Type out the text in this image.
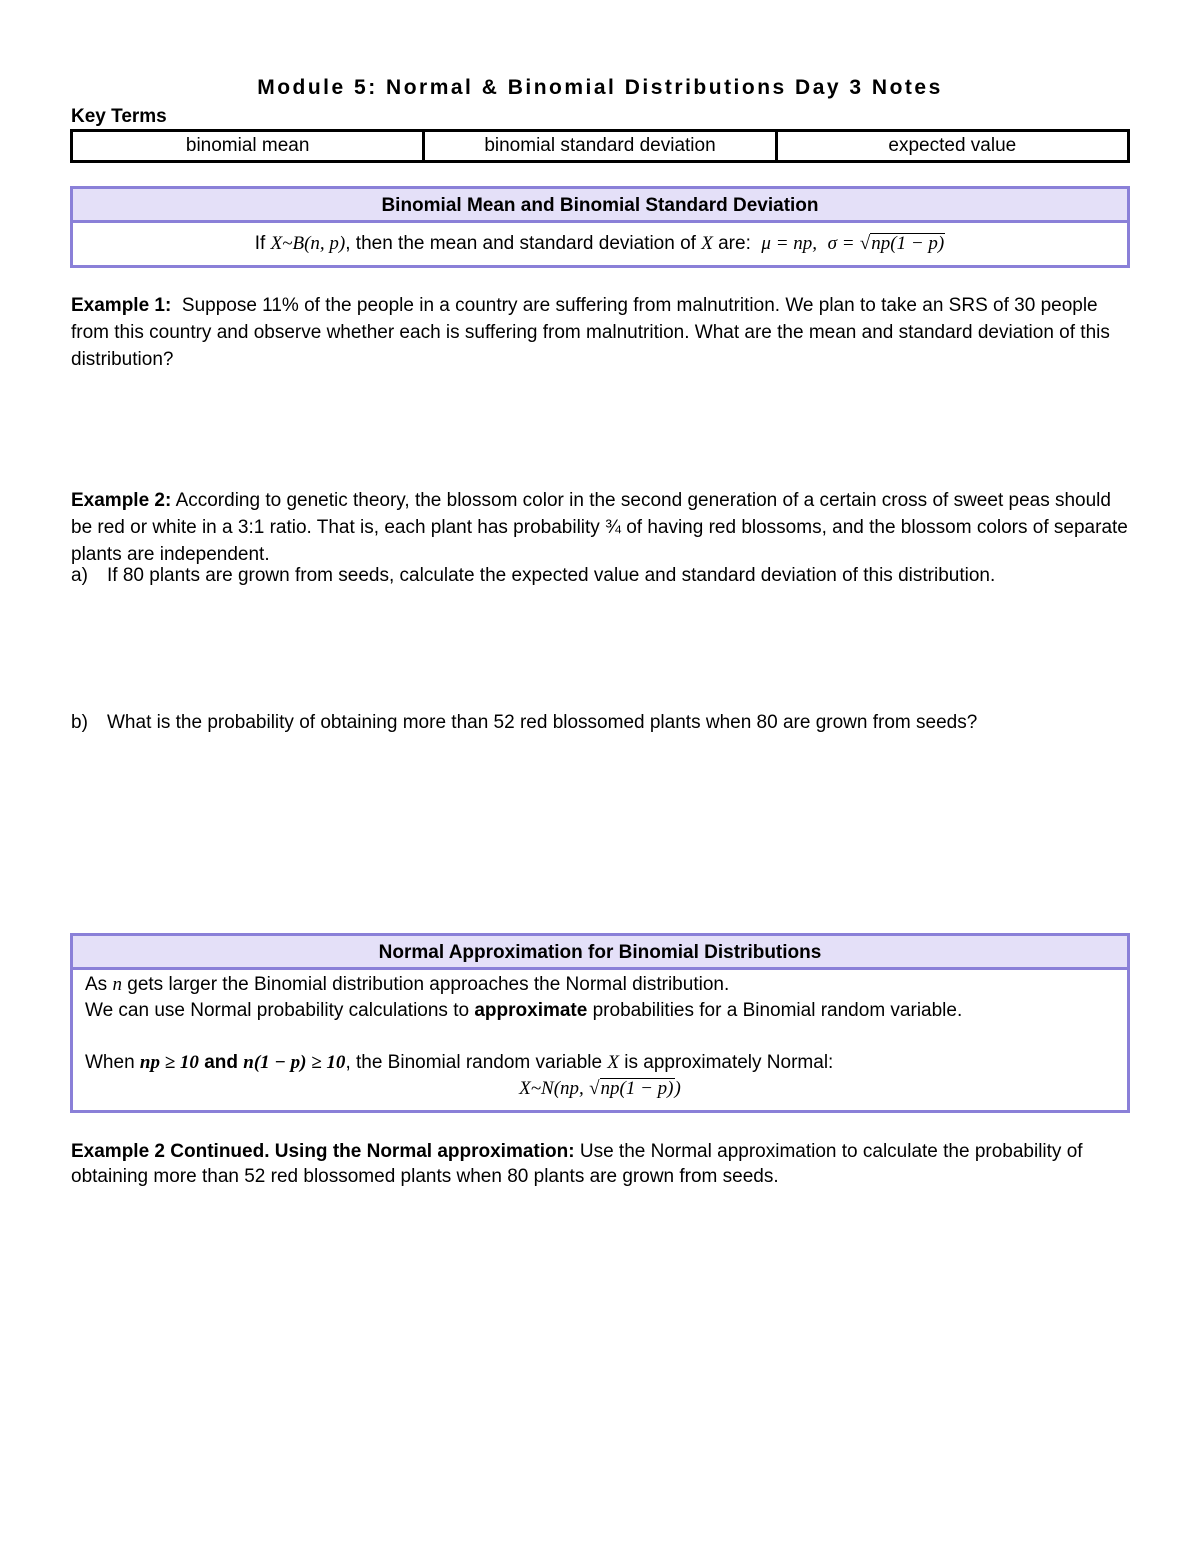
Module 5: Normal & Binomial Distributions Day 3 Notes
Key Terms
binomial mean	binomial standard deviation	expected value
Binomial Mean and Binomial Standard Deviation
If X~B(n, p), then the mean and standard deviation of X are: μ = np, σ = √np(1 − p)
Example 1: Suppose 11% of the people in a country are suffering from malnutrition. We plan to take an SRS of 30 people from this country and observe whether each is suffering from malnutrition. What are the mean and standard deviation of this distribution?
Example 2: According to genetic theory, the blossom color in the second generation of a certain cross of sweet peas should be red or white in a 3:1 ratio. That is, each plant has probability ¾ of having red blossoms, and the blossom colors of separate plants are independent.
a) If 80 plants are grown from seeds, calculate the expected value and standard deviation of this distribution.
b) What is the probability of obtaining more than 52 red blossomed plants when 80 are grown from seeds?
Normal Approximation for Binomial Distributions
As n gets larger the Binomial distribution approaches the Normal distribution.
We can use Normal probability calculations to approximate probabilities for a Binomial random variable.
When np ≥ 10 and n(1 − p) ≥ 10, the Binomial random variable X is approximately Normal:
X~N(np, √np(1 − p))
Example 2 Continued. Using the Normal approximation: Use the Normal approximation to calculate the probability of obtaining more than 52 red blossomed plants when 80 plants are grown from seeds.
